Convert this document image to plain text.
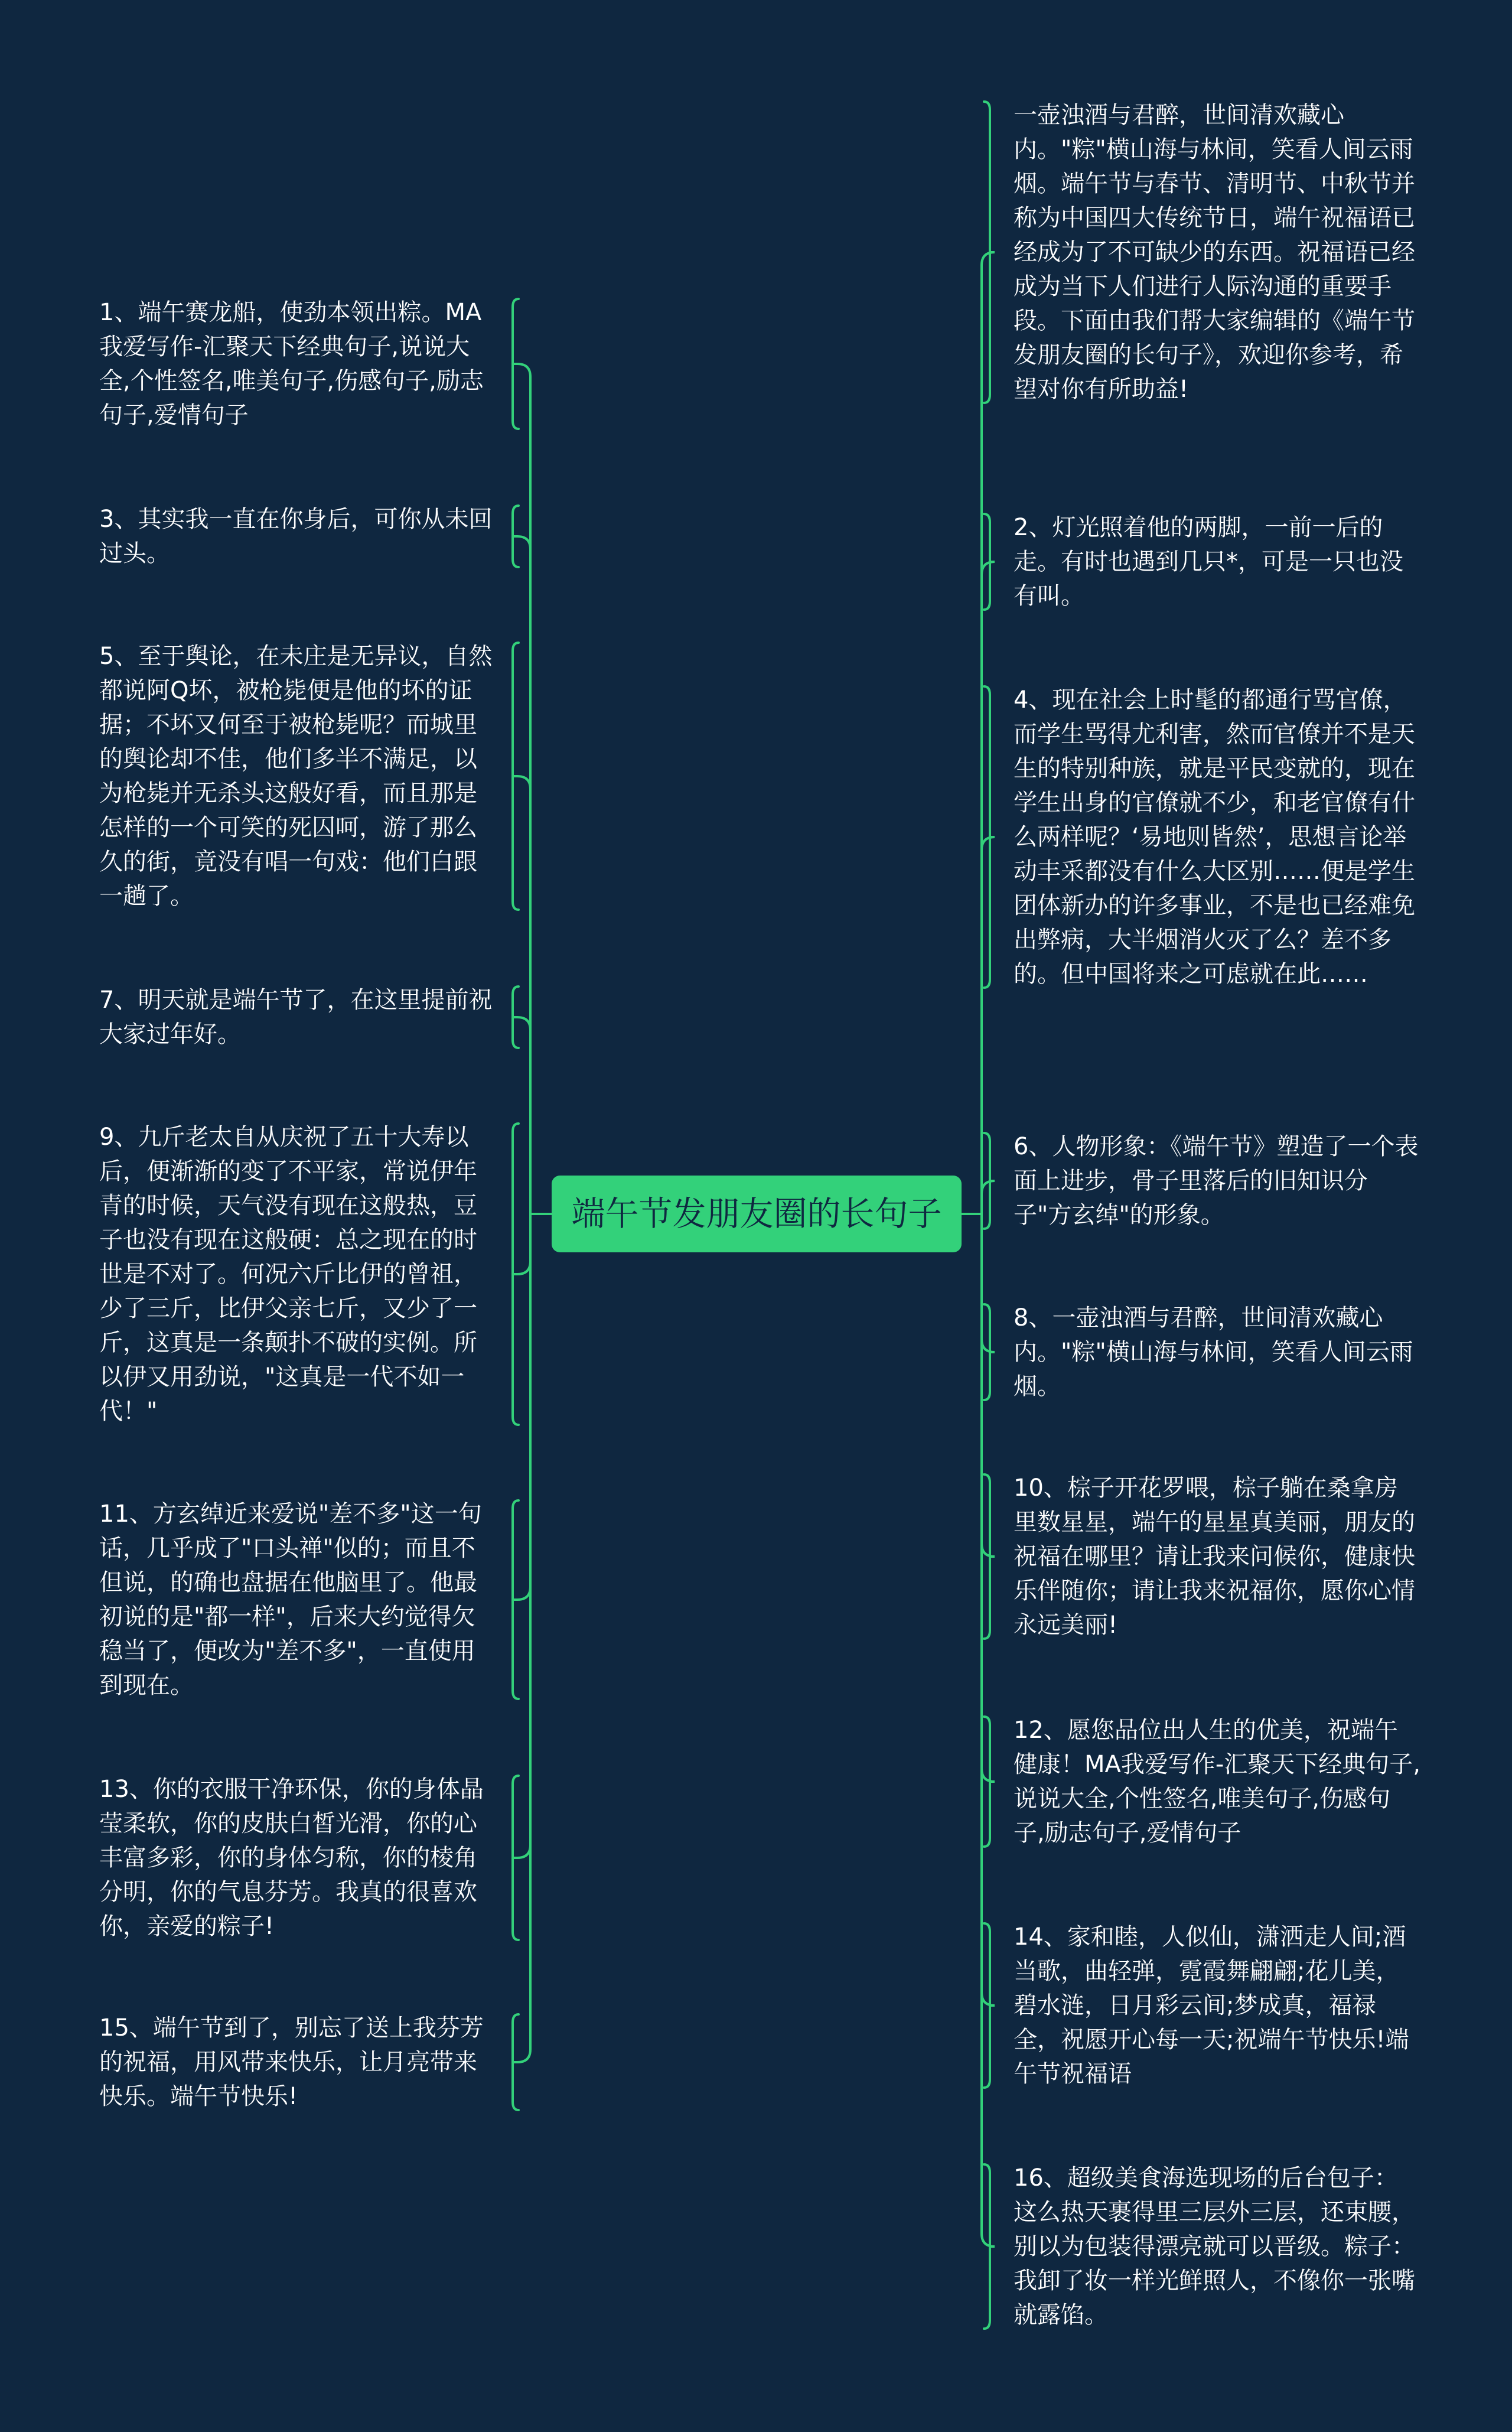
端午节发朋友圈的长句子

1、端午赛龙船，使劲本领出粽。MA我爱写作-汇聚天下经典句子,说说大全,个性签名,唯美句子,伤感句子,励志句子,爱情句子

3、其实我一直在你身后，可你从未回过头。

5、至于舆论，在未庄是无异议，自然都说阿Q坏，被枪毙便是他的坏的证据；不坏又何至于被枪毙呢？而城里的舆论却不佳，他们多半不满足，以为枪毙并无杀头这般好看，而且那是怎样的一个可笑的死囚呵，游了那么久的街，竟没有唱一句戏：他们白跟一趟了。

7、明天就是端午节了，在这里提前祝大家过年好。

9、九斤老太自从庆祝了五十大寿以后，便渐渐的变了不平家，常说伊年青的时候，天气没有现在这般热，豆子也没有现在这般硬：总之现在的时世是不对了。何况六斤比伊的曾祖，少了三斤，比伊父亲七斤，又少了一斤，这真是一条颠扑不破的实例。所以伊又用劲说，"这真是一代不如一代！"

11、方玄绰近来爱说"差不多"这一句话，几乎成了"口头禅"似的；而且不但说，的确也盘据在他脑里了。他最初说的是"都一样"，后来大约觉得欠稳当了，便改为"差不多"，一直使用到现在。

13、你的衣服干净环保，你的身体晶莹柔软，你的皮肤白皙光滑，你的心丰富多彩，你的身体匀称，你的棱角分明，你的气息芬芳。我真的很喜欢你，亲爱的粽子!

15、端午节到了，别忘了送上我芬芳的祝福，用风带来快乐，让月亮带来快乐。端午节快乐!

一壶浊酒与君醉，世间清欢藏心内。"粽"横山海与林间，笑看人间云雨烟。端午节与春节、清明节、中秋节并称为中国四大传统节日，端午祝福语已经成为了不可缺少的东西。祝福语已经成为当下人们进行人际沟通的重要手段。下面由我们帮大家编辑的《端午节发朋友圈的长句子》，欢迎你参考，希望对你有所助益!

2、灯光照着他的两脚，一前一后的走。有时也遇到几只*，可是一只也没有叫。

4、现在社会上时髦的都通行骂官僚，而学生骂得尤利害，然而官僚并不是天生的特别种族，就是平民变就的，现在学生出身的官僚就不少，和老官僚有什么两样呢？‘易地则皆然’，思想言论举动丰采都没有什么大区别……便是学生团体新办的许多事业，不是也已经难免出弊病，大半烟消火灭了么？差不多的。但中国将来之可虑就在此……

6、人物形象：《端午节》塑造了一个表面上进步，骨子里落后的旧知识分子"方玄绰"的形象。

8、一壶浊酒与君醉，世间清欢藏心内。"粽"横山海与林间，笑看人间云雨烟。

10、棕子开花罗喂，棕子躺在桑拿房里数星星，端午的星星真美丽，朋友的祝福在哪里？请让我来问候你，健康快乐伴随你；请让我来祝福你，愿你心情永远美丽!

12、愿您品位出人生的优美，祝端午健康！MA我爱写作-汇聚天下经典句子,说说大全,个性签名,唯美句子,伤感句子,励志句子,爱情句子

14、家和睦，人似仙，潇洒走人间;酒当歌，曲轻弹，霓霞舞翩翩;花儿美，碧水涟，日月彩云间;梦成真，福禄全，祝愿开心每一天;祝端午节快乐!端午节祝福语

16、超级美食海选现场的后台包子：这么热天裹得里三层外三层，还束腰，别以为包装得漂亮就可以晋级。粽子：我卸了妆一样光鲜照人，不像你一张嘴就露馅。
